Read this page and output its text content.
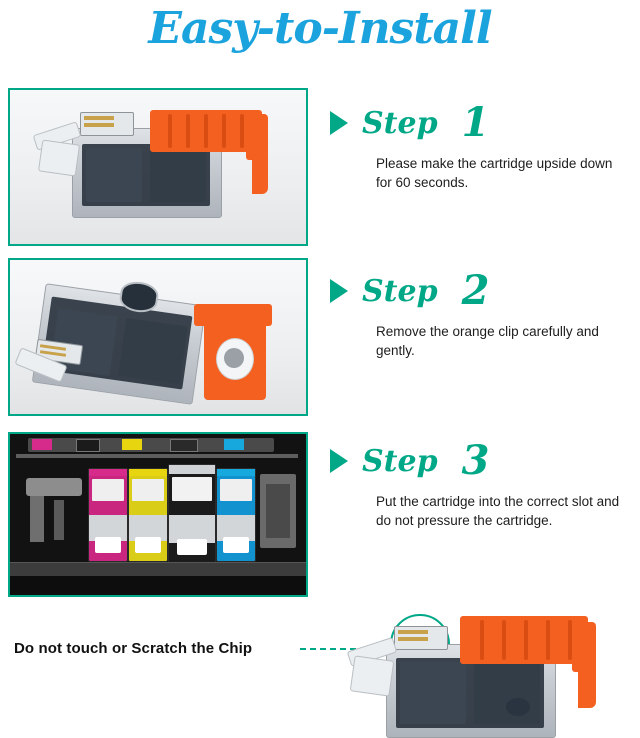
Easy-to-Install
Step 1
Please make the cartridge upside down for 60 seconds.
Step 2
Remove the orange clip carefully and gently.
Step 3
Put the cartridge into the correct slot and do not pressure the cartridge.
Do not touch or Scratch the Chip
